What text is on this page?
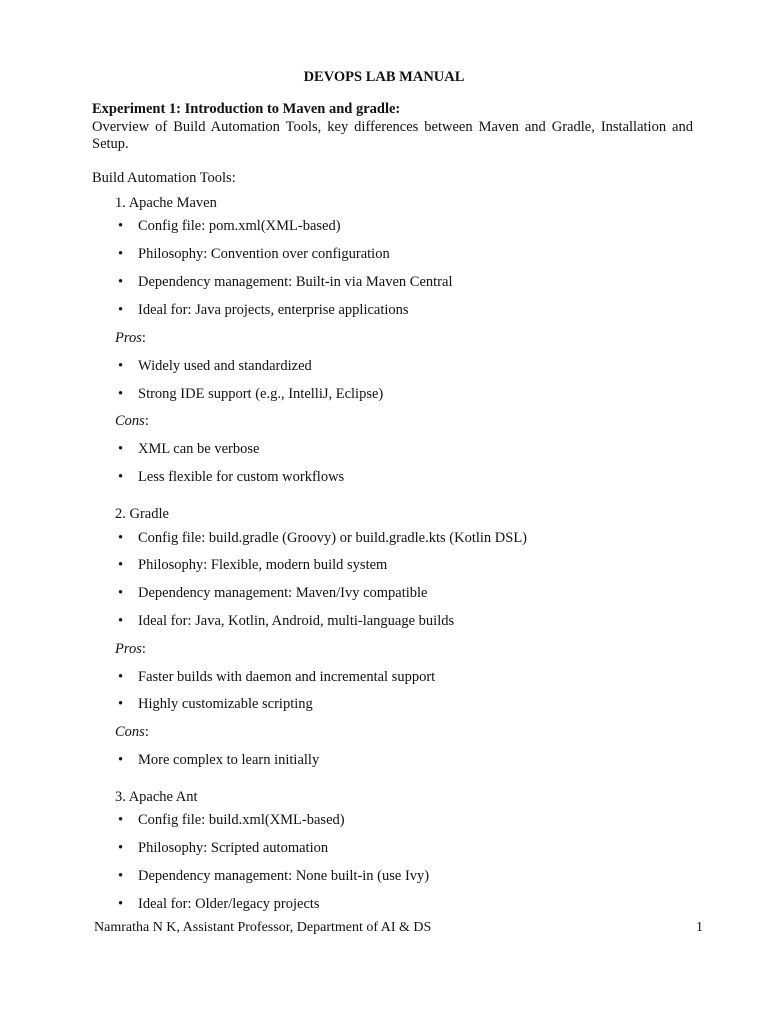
DEVOPS LAB MANUAL

Experiment 1: Introduction to Maven and gradle:

Overview of Build Automation Tools, key differences between Maven and Gradle, Installation and Setup.

Build Automation Tools:

1. Apache Maven

• Config file: pom.xml(XML-based)

• Philosophy: Convention over configuration

• Dependency management: Built-in via Maven Central

• Ideal for: Java projects, enterprise applications

Pros:

• Widely used and standardized

• Strong IDE support (e.g., IntelliJ, Eclipse)

Cons:

• XML can be verbose

• Less flexible for custom workflows

2. Gradle

• Config file: build.gradle (Groovy) or build.gradle.kts (Kotlin DSL)

• Philosophy: Flexible, modern build system

• Dependency management: Maven/Ivy compatible

• Ideal for: Java, Kotlin, Android, multi-language builds

Pros:

• Faster builds with daemon and incremental support

• Highly customizable scripting

Cons:

• More complex to learn initially

3. Apache Ant

• Config file: build.xml(XML-based)

• Philosophy: Scripted automation

• Dependency management: None built-in (use Ivy)

• Ideal for: Older/legacy projects

Namratha N K, Assistant Professor, Department of AI & DS	1
